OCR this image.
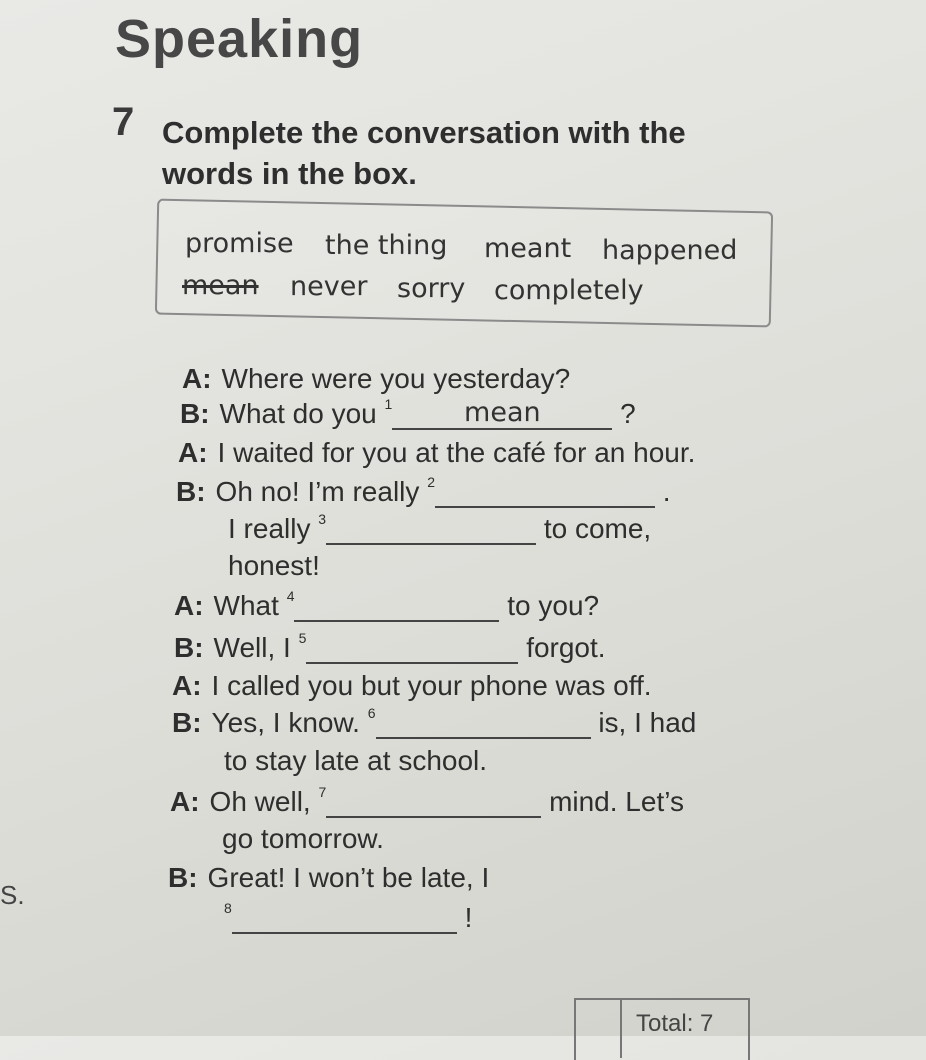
Speaking
7 Complete the conversation with the words in the box.
promise the thing meant happened
mean never sorry completely
A: Where were you yesterday?
B: What do you $^1$	mean	?
A: I waited for you at the café for an hour.
B: Oh no! I’m really $^2$	.
I really $^3$	to come,
honest!
A: What $^4$	to you?
B: Well, I $^5$	forgot.
A: I called you but your phone was off.
B: Yes, I know. $^6$	is, I had
to stay late at school.
A: Oh well, $^7$	mind. Let’s
go tomorrow.
B: Great! I won’t be late, I
$^8$	!
S.
Total: 7
